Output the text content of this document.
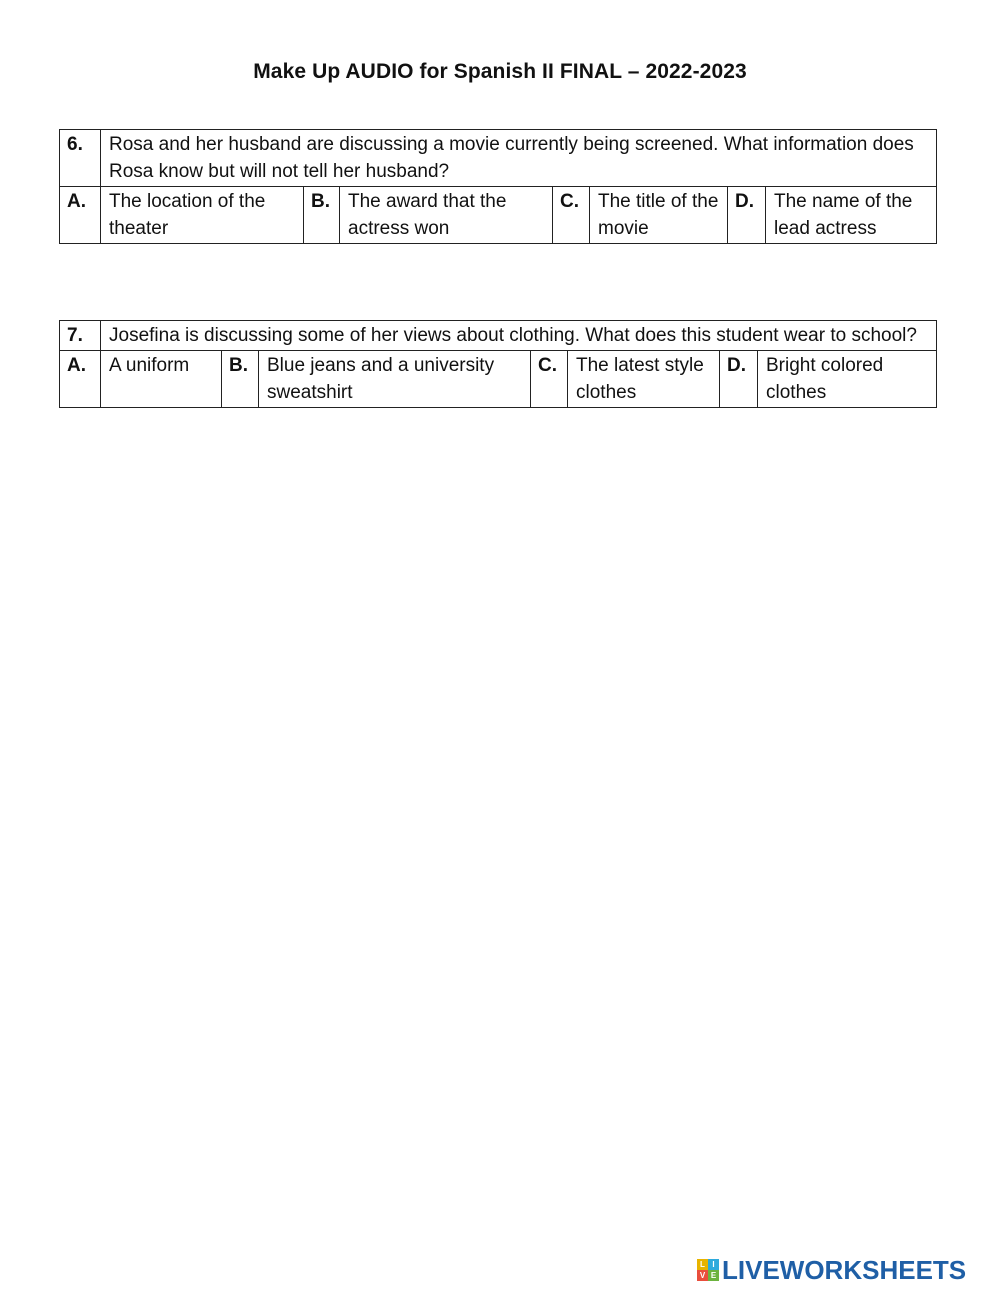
Make Up AUDIO for Spanish II FINAL – 2022-2023
6.	Rosa and her husband are discussing a movie currently being screened. What information does Rosa know but will not tell her husband?						
A.	The location of the theater	B.	The award that the actress won	C.	The title of the movie	D.	The name of the lead actress
7.	Josefina is discussing some of her views about clothing. What does this student wear to school?						
A.	A uniform	B.	Blue jeans and a university sweatshirt	C.	The latest style clothes	D.	Bright colored clothes
L I
V E LIVEWORKSHEETS
